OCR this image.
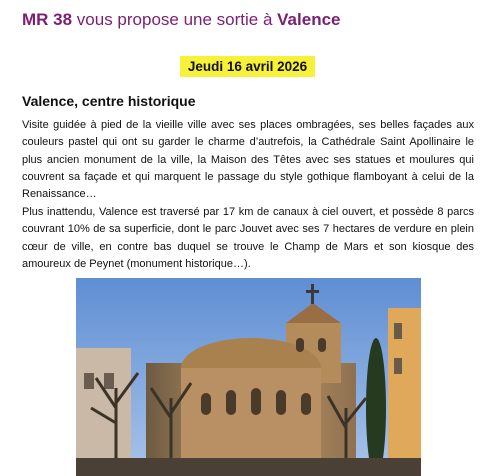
MR 38 vous propose une sortie à Valence
Jeudi 16 avril 2026
Valence, centre historique
Visite guidée à pied de la vieille ville avec ses places ombragées, ses belles façades aux couleurs pastel qui ont su garder le charme d’autrefois, la Cathédrale Saint Apollinaire le plus ancien monument de la ville, la Maison des Têtes avec ses statues et moulures qui couvrent sa façade et qui marquent le passage du style gothique flamboyant à celui de la Renaissance…
Plus inattendu, Valence est traversé par 17 km de canaux à ciel ouvert, et possède 8 parcs couvrant 10% de sa superficie, dont le parc Jouvet avec ses 7 hectares de verdure en plein cœur de ville, en contre bas duquel se trouve le Champ de Mars et son kiosque des amoureux de Peynet (monument historique…).
